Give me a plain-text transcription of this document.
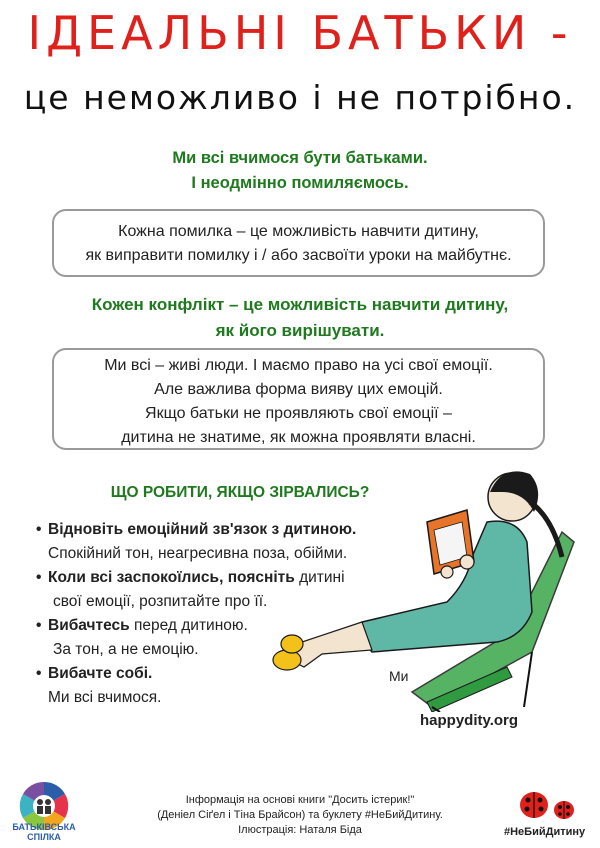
ІДЕАЛЬНІ БАТЬКИ -
це неможливо і не потрібно.
Ми всі вчимося бути батьками.
І неодмінно помиляємось.
Кожна помилка – це можливість навчити дитину,
як виправити помилку і / або засвоїти уроки на майбутнє.
Кожен конфлікт – це можливість навчити дитину,
як його вирішувати.
Ми всі – живі люди. І маємо право на усі свої емоції.
Але важлива форма вияву цих емоцій.
Якщо батьки не проявляють свої емоції –
дитина не знатиме, як можна проявляти власні.
ЩО РОБИТИ, ЯКЩО ЗІРВАЛИСЬ?
• Відновіть емоційний зв'язок з дитиною.
Спокійний тон, неагресивна поза, обійми.
• Коли всі заспокоїлись, поясніть дитині
свої емоції, розпитайте про її.
• Вибачтесь перед дитиною.
За тон, а не емоцію.
• Вибачте собі.
Ми всі вчимося.
Ми
happydity.org
БАТЬКІВСЬКА
СПІЛКА
Інформація на основі книги "Досить істерик!"
(Деніел Сіґел і Тіна Брайсон) та буклету #НеБийДитину.
Ілюстрація: Наталя Біда	#НеБийДитину
